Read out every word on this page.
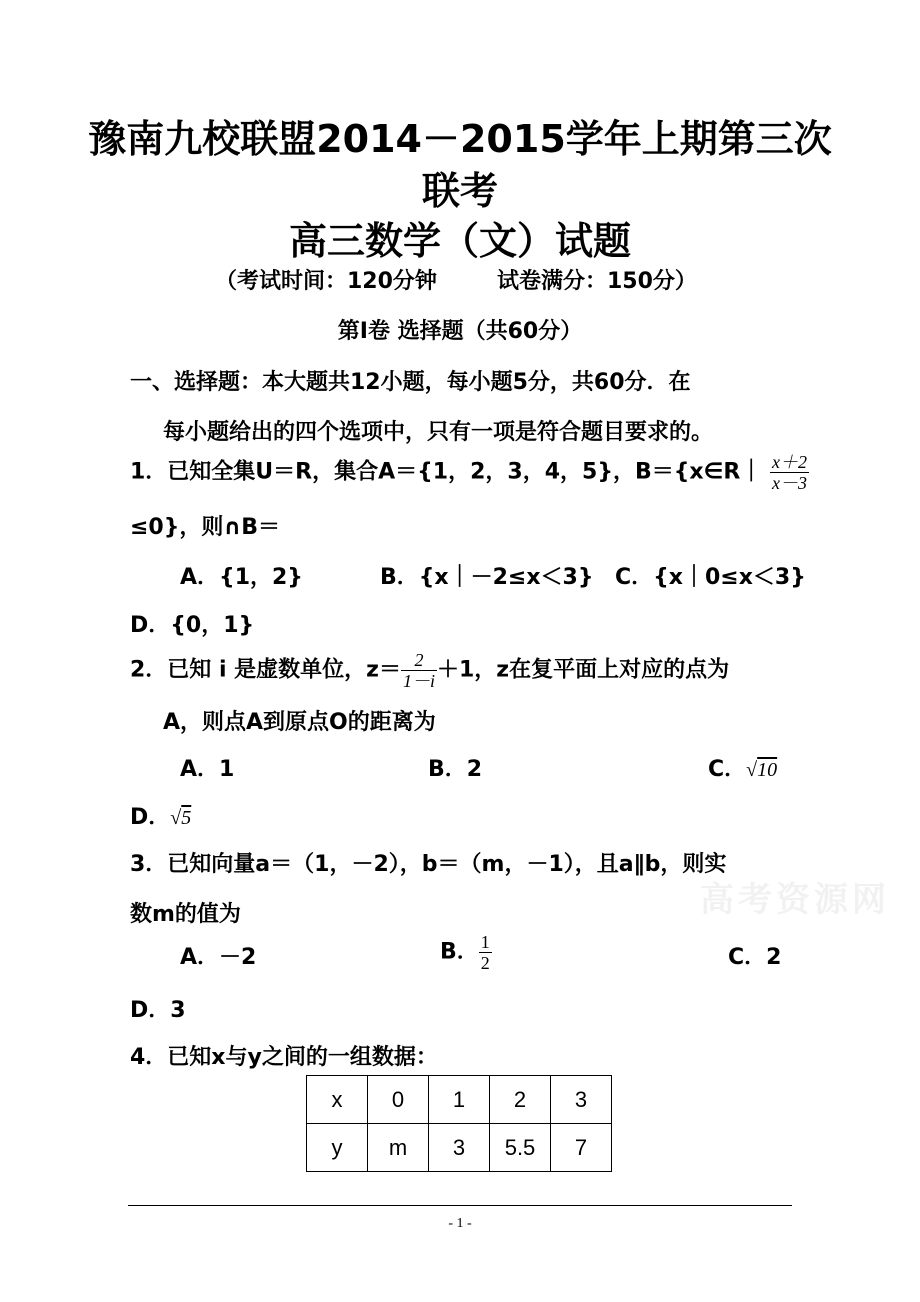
豫南九校联盟2014－2015学年上期第三次
联考
高三数学（文）试题
（考试时间：120分钟	试卷满分：150分）
第Ⅰ卷 选择题（共60分）
一、选择题：本大题共12小题，每小题5分，共60分．在
每小题给出的四个选项中，只有一项是符合题目要求的。
1．已知全集U＝R，集合A＝{1，2，3，4，5}，B＝{x∈R｜ $\frac{x+2}{x-3}$
≤0}，则∩B＝
A．{1，2}	B．{x｜－2≤x＜3} C．{x｜0≤x＜3}
D．{0，1}
2．已知 i 是虚数单位，$z= \frac{2}{1-i} +1$，z在复平面上对应的点为
A，则点A到原点O的距离为
A．1	B．2	C．√10
D．√5
3．已知向量a＝（1，－2），b＝（m，－1），且a∥b，则实
数m的值为
A．－2	B． $\frac{1}{2}$	C．2
D．3
高考资源网
4．已知x与y之间的一组数据：
x	0	1	2	3
y	m	3	5.5	7
- 1 -
